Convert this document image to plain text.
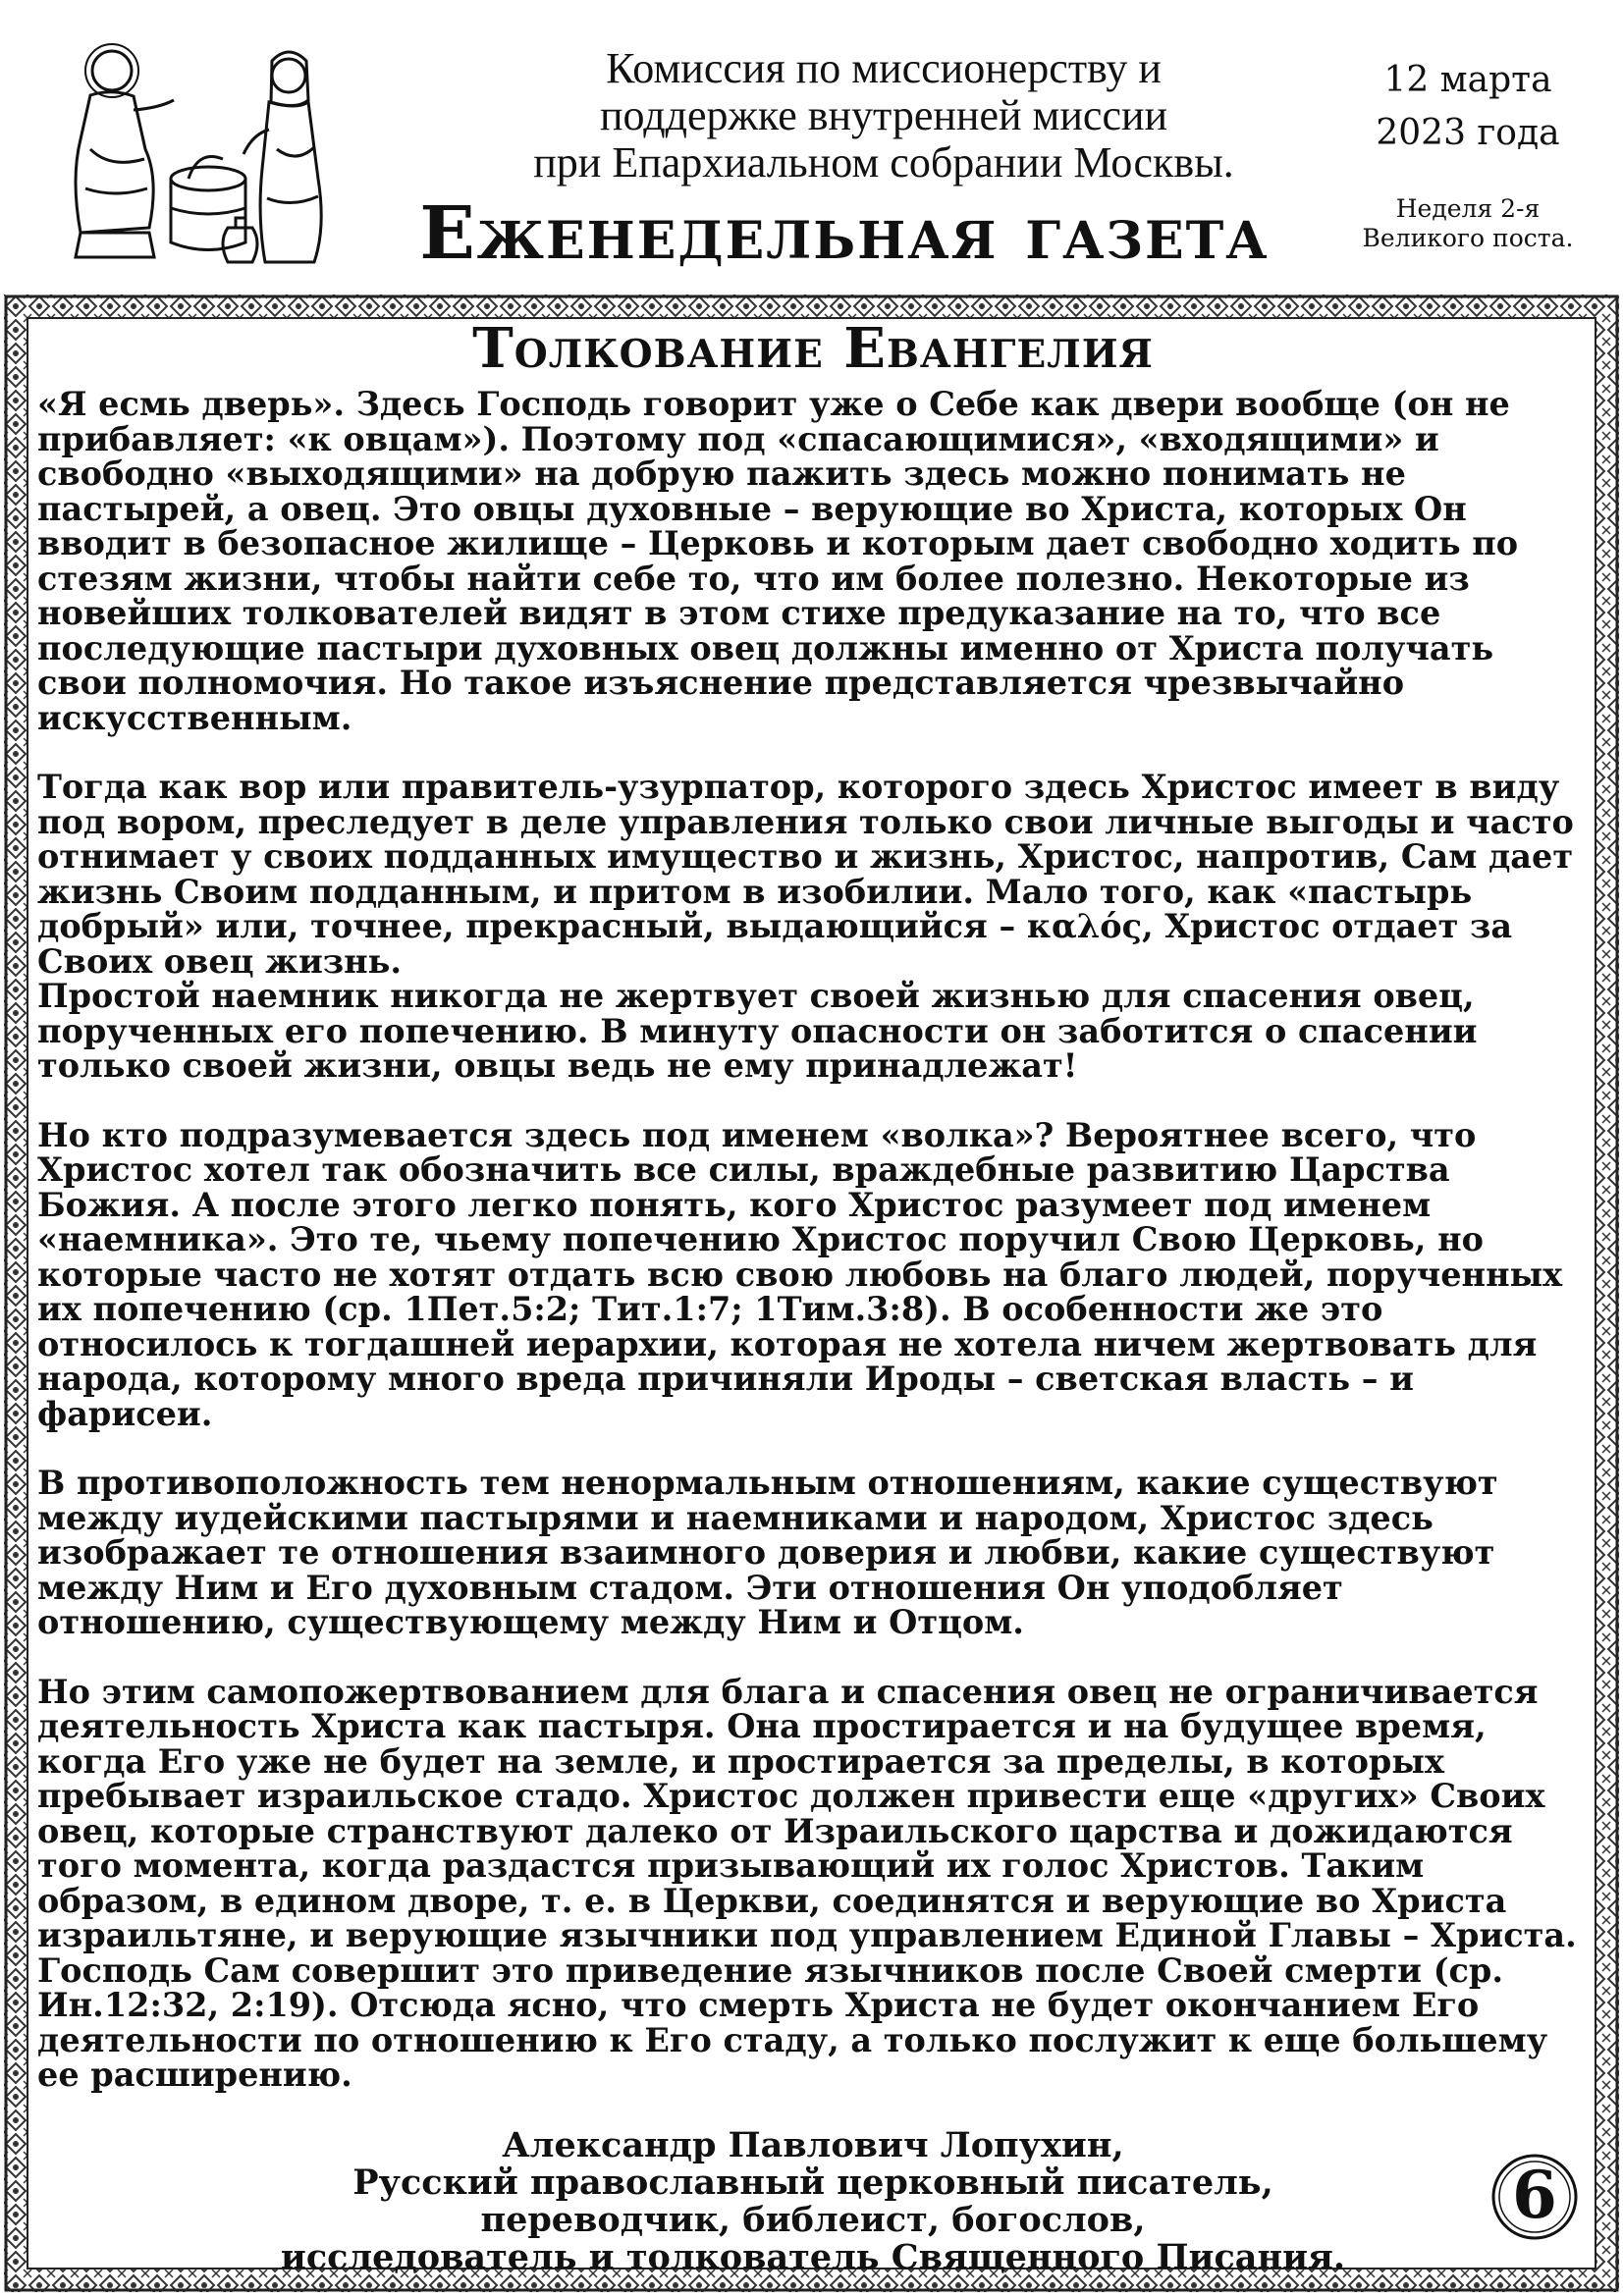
Комиссия по миссионерству и
поддержке внутренней миссии
при Епархиальном собрании Москвы.
Еженедельная газета
12 марта
2023 года
Неделя 2-я
Великого поста.
Толкование Евангелия

«Я есмь дверь». Здесь Господь говорит уже о Себе как двери вообще (он не прибавляет: «к овцам»). Поэтому под «спасающимися», «входящими» и свободно «выходящими» на добрую пажить здесь можно понимать не пастырей, а овец. Это овцы духовные – верующие во Христа, которых Он вводит в безопасное жилище – Церковь и которым дает свободно ходить по стезям жизни, чтобы найти себе то, что им более полезно. Некоторые из новейших толкователей видят в этом стихе предуказание на то, что все последующие пастыри духовных овец должны именно от Христа получать свои полномочия. Но такое изъяснение представляется чрезвычайно искусственным.

Тогда как вор или правитель-узурпатор, которого здесь Христос имеет в виду под вором, преследует в деле управления только свои личные выгоды и часто отнимает у своих подданных имущество и жизнь, Христос, напротив, Сам дает жизнь Своим подданным, и притом в изобилии. Мало того, как «пастырь добрый» или, точнее, прекрасный, выдающийся – καλός, Христос отдает за Своих овец жизнь.

Простой наемник никогда не жертвует своей жизнью для спасения овец, порученных его попечению. В минуту опасности он заботится о спасении только своей жизни, овцы ведь не ему принадлежат!

Но кто подразумевается здесь под именем «волка»? Вероятнее всего, что Христос хотел так обозначить все силы, враждебные развитию Царства Божия. А после этого легко понять, кого Христос разумеет под именем «наемника». Это те, чьему попечению Христос поручил Свою Церковь, но которые часто не хотят отдать всю свою любовь на благо людей, порученных их попечению (ср. 1Пет.5:2; Тит.1:7; 1Тим.3:8). В особенности же это относилось к тогдашней иерархии, которая не хотела ничем жертвовать для народа, которому много вреда причиняли Ироды – светская власть – и фарисеи.

В противоположность тем ненормальным отношениям, какие существуют между иудейскими пастырями и наемниками и народом, Христос здесь изображает те отношения взаимного доверия и любви, какие существуют между Ним и Его духовным стадом. Эти отношения Он уподобляет отношению, существующему между Ним и Отцом.

Но этим самопожертвованием для блага и спасения овец не ограничивается деятельность Христа как пастыря. Она простирается и на будущее время, когда Его уже не будет на земле, и простирается за пределы, в которых пребывает израильское стадо. Христос должен привести еще «других» Своих овец, которые странствуют далеко от Израильского царства и дожидаются того момента, когда раздастся призывающий их голос Христов. Таким образом, в едином дворе, т. е. в Церкви, соединятся и верующие во Христа израильтяне, и верующие язычники под управлением Единой Главы – Христа. Господь Сам совершит это приведение язычников после Своей смерти (ср. Ин.12:32, 2:19). Отсюда ясно, что смерть Христа не будет окончанием Его деятельности по отношению к Его стаду, а только послужит к еще большему ее расширению.

Александр Павлович Лопухин,
Русский православный церковный писатель,
переводчик, библеист, богослов,
исследователь и толкователь Священного Писания.
6
